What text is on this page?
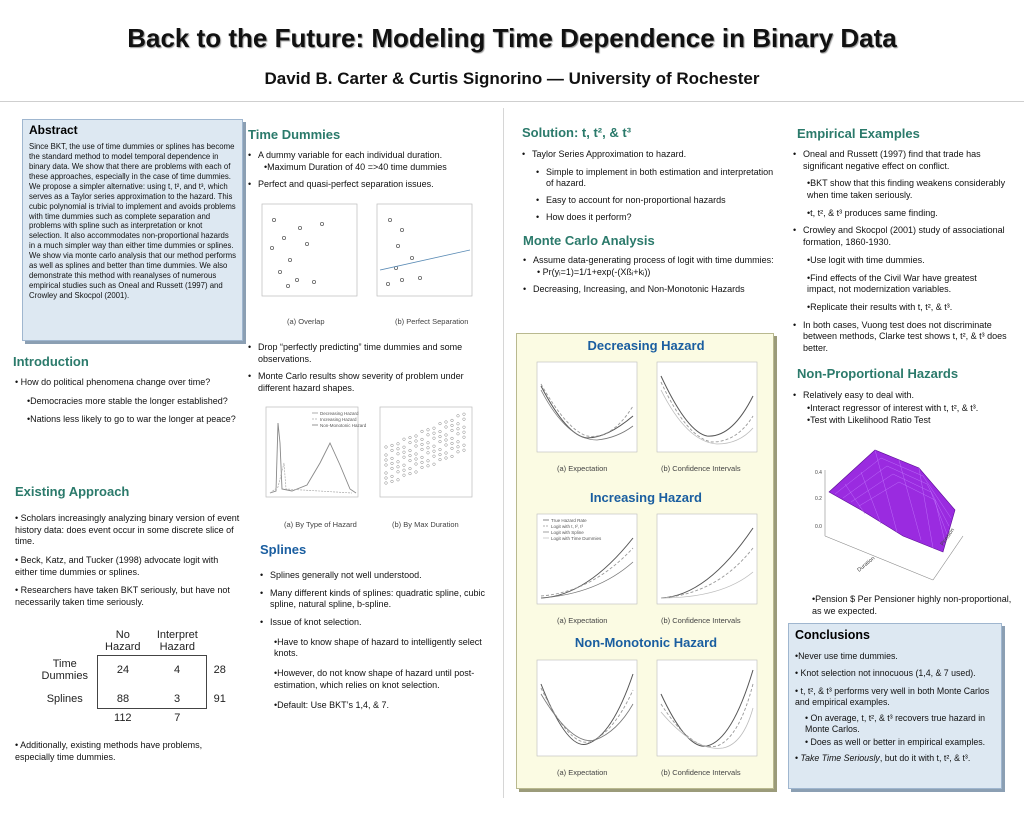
Back to the Future: Modeling Time Dependence in Binary Data
David B. Carter & Curtis Signorino — University of Rochester
Abstract
Since BKT, the use of time dummies or splines has become the standard method to model temporal dependence in binary data. We show that there are problems with each of these approaches, especially in the case of time dummies. We propose a simpler alternative: using t, t², and t³, which serves as a Taylor series approximation to the hazard. This cubic polynomial is trivial to implement and avoids problems with time dummies such as complete separation and problems with spline such as interpretation or knot selection. It also accommodates non-proportional hazards in a much simpler way than either time dummies or splines. We show via monte carlo analysis that our method performs as well as splines and better than time dummies. We also demonstrate this method with reanalyses of numerous empirical studies such as Oneal and Russett (1997) and Crowley and Skocpol (2001).
Introduction

• How do political phenomena change over time?

•Democracies more stable the longer established?

•Nations less likely to go to war the longer at peace?

Existing Approach

• Scholars increasingly analyzing binary version of event history data: does event occur in some discrete slice of time.

• Beck, Katz, and Tucker (1998) advocate logit with either time dummies or splines.

• Researchers have taken BKT seriously, but have not necessarily taken time seriously.

	No
Hazard	Interpret
Hazard	
Time
Dummies	24	4	28
Splines	88	3	91
	112	7	
• Additionally, existing methods have problems, especially time dummies.
Time Dummies
• A dummy variable for each individual duration.
•Maximum Duration of 40 =>40 time dummies
• Perfect and quasi-perfect separation issues.
(a) Overlap	(b) Perfect Separation
• Drop “perfectly predicting” time dummies and some observations.
• Monte Carlo results show severity of problem under different hazard shapes.
Decreasing Hazard
Increasing Hazard
Non-Monotonic Hazard
(a) By Type of Hazard	(b) By Max Duration
Splines
• Splines generally not well understood.
• Many different kinds of splines: quadratic spline, cubic spline, natural spline, b-spline.
• Issue of knot selection.

•Have to know shape of hazard to intelligently select knots.

•However, do not know shape of hazard until post-estimation, which relies on knot selection.

•Default: Use BKT’s 1,4, & 7.

Solution: t, t², & t³
• Taylor Series Approximation to hazard.
• Simple to implement in both estimation and interpretation of hazard.
• Easy to account for non-proportional hazards
• How does it perform?
Monte Carlo Analysis
• Assume data-generating process of logit with time dummies:
• Pr(yᵢ=1)=1/1+exp(-(Xßᵢ+kᵢ))
• Decreasing, Increasing, and Non-Monotonic Hazards
Decreasing Hazard
(a) Expectation	(b) Confidence Intervals
Increasing Hazard
True Hazard Rate
Logit with t, t², t³
Logit with Spline
Logit with Time Dummies
(a) Expectation	(b) Confidence Intervals
Non-Monotonic Hazard
(a) Expectation	(b) Confidence Intervals
Empirical Examples
• Oneal and Russett (1997) find that trade has significant negative effect on conflict.

•BKT show that this finding weakens considerably when time taken seriously.

•t, t², & t³ produces same finding.

• Crowley and Skocpol (2001) study of associational formation, 1860-1930.

•Use logit with time dummies.

•Find effects of the Civil War have greatest impact, not modernization variables.

•Replicate their results with t, t², & t³.

• In both cases, Vuong test does not discriminate between methods, Clarke test shows t, t², & t³ does better.
Non-Proportional Hazards
• Relatively easy to deal with.

•Interact regressor of interest with t, t², & t³.

•Test with Likelihood Ratio Test

0.4
0.2
0.0
Duration
Pension
•Pension $ Per Pensioner highly non-proportional, as we expected.
Conclusions

•Never use time dummies.

• Knot selection not innocuous (1,4, & 7 used).

• t, t², & t³ performs very well in both Monte Carlos and empirical examples.

• On average, t, t², & t³ recovers true hazard in Monte Carlos.

• Does as well or better in empirical examples.

• Take Time Seriously, but do it with t, t², & t³.
